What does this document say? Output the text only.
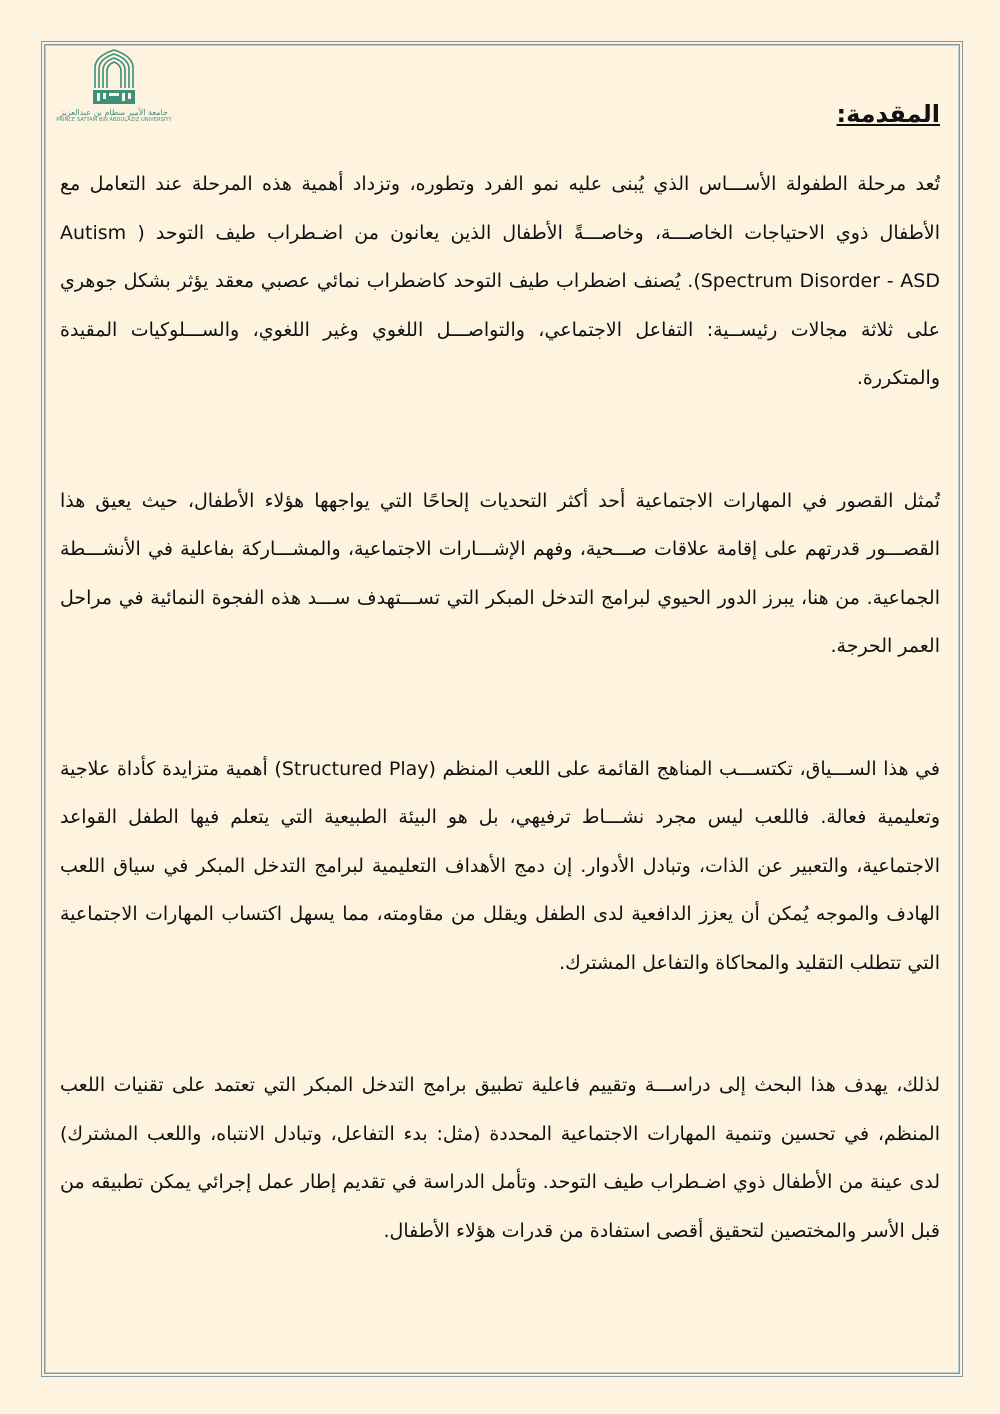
جامعة الأمير سطام بن عبدالعزيز
PRINCE SATTAM BIN ABDULAZIZ UNIVERSITY	المقدمة:

تُعد مرحلة الطفولة الأســـاس الذي يُبنى عليه نمو الفرد وتطوره، وتزداد أهمية هذه المرحلة عند التعامل مع الأطفال ذوي الاحتياجات الخاصـــة، وخاصـــةً الأطفال الذين يعانون من اضـطراب طيف التوحد ( Autism Spectrum Disorder - ASD). يُصنف اضطراب طيف التوحد كاضطراب نمائي عصبي معقد يؤثر بشكل جوهري على ثلاثة مجالات رئيســية: التفاعل الاجتماعي، والتواصـــل اللغوي وغير اللغوي، والســـلوكيات المقيدة والمتكررة.

تُمثل القصور في المهارات الاجتماعية أحد أكثر التحديات إلحاحًا التي يواجهها هؤلاء الأطفال، حيث يعيق هذا القصـــور قدرتهم على إقامة علاقات صـــحية، وفهم الإشـــارات الاجتماعية، والمشـــاركة بفاعلية في الأنشـــطة الجماعية. من هنا، يبرز الدور الحيوي لبرامج التدخل المبكر التي تســـتهدف ســـد هذه الفجوة النمائية في مراحل العمر الحرجة.

في هذا الســـياق، تكتســـب المناهج القائمة على اللعب المنظم (Structured Play) أهمية متزايدة كأداة علاجية وتعليمية فعالة. فاللعب ليس مجرد نشـــاط ترفيهي، بل هو البيئة الطبيعية التي يتعلم فيها الطفل القواعد الاجتماعية، والتعبير عن الذات، وتبادل الأدوار. إن دمج الأهداف التعليمية لبرامج التدخل المبكر في سياق اللعب الهادف والموجه يُمكن أن يعزز الدافعية لدى الطفل ويقلل من مقاومته، مما يسهل اكتساب المهارات الاجتماعية التي تتطلب التقليد والمحاكاة والتفاعل المشترك.

لذلك، يهدف هذا البحث إلى دراســـة وتقييم فاعلية تطبيق برامج التدخل المبكر التي تعتمد على تقنيات اللعب المنظم، في تحسين وتنمية المهارات الاجتماعية المحددة (مثل: بدء التفاعل، وتبادل الانتباه، واللعب المشترك) لدى عينة من الأطفال ذوي اضـطراب طيف التوحد. وتأمل الدراسة في تقديم إطار عمل إجرائي يمكن تطبيقه من قبل الأسر والمختصين لتحقيق أقصى استفادة من قدرات هؤلاء الأطفال.
